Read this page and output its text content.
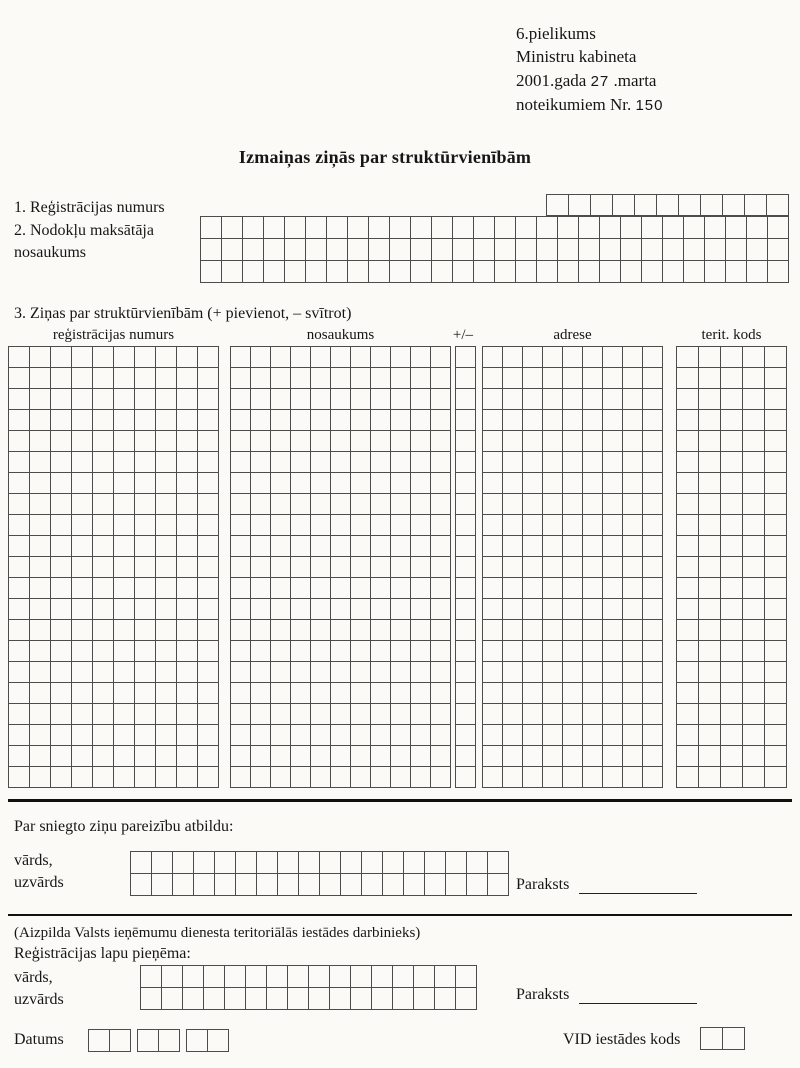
6.pielikums
Ministru kabineta
2001.gada 27 .marta
noteikumiem Nr. 150
Izmaiņas ziņās par struktūrvienībām
1. Reģistrācijas numurs
2. Nodokļu maksātāja
nosaukums
3. Ziņas par struktūrvienībām (+ pievienot, – svītrot)
reģistrācijas numurs	nosaukums	+/–	adrese	terit. kods
Par sniegto ziņu pareizību atbildu:
vārds,
uzvārds	Paraksts
(Aizpilda Valsts ieņēmumu dienesta teritoriālās iestādes darbinieks)
Reģistrācijas lapu pieņēma:
vārds,
uzvārds	Paraksts
Datums	VID iestādes kods
